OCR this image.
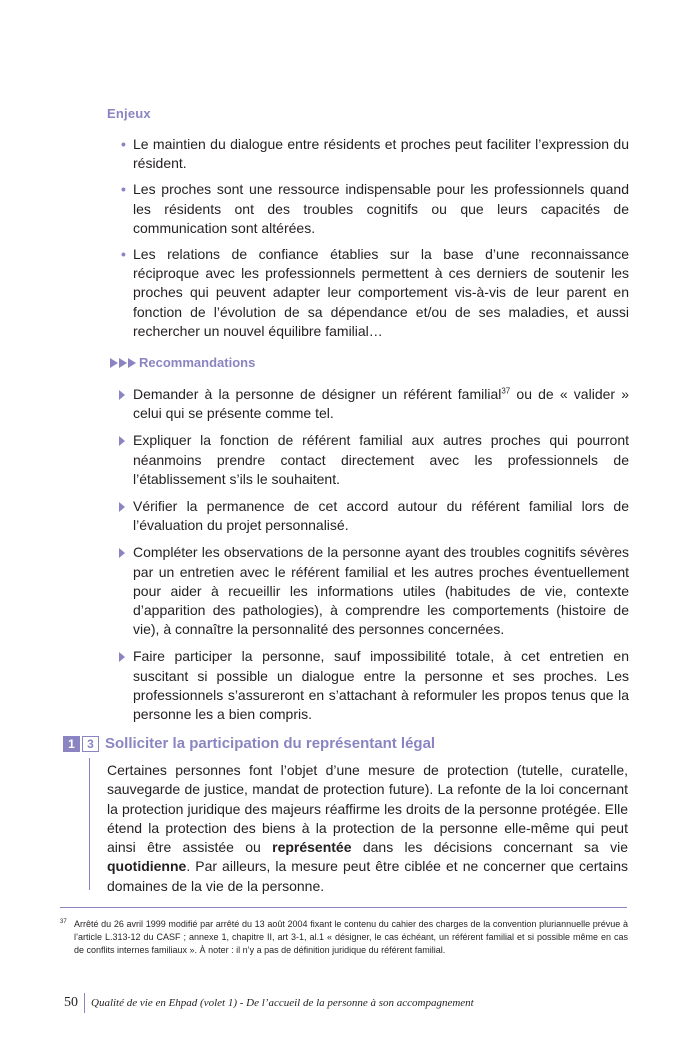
Enjeux
• Le maintien du dialogue entre résidents et proches peut faciliter l’expression du résident.
• Les proches sont une ressource indispensable pour les professionnels quand les résidents ont des troubles cognitifs ou que leurs capacités de communication sont altérées.
• Les relations de confiance établies sur la base d’une reconnaissance réciproque avec les professionnels permettent à ces derniers de soutenir les proches qui peuvent adapter leur comportement vis-à-vis de leur parent en fonction de l’évolution de sa dépendance et/ou de ses maladies, et aussi rechercher un nouvel équilibre familial…
Recommandations
Demander à la personne de désigner un référent familial$^{37}$ ou de « valider » celui qui se présente comme tel.
Expliquer la fonction de référent familial aux autres proches qui pourront néanmoins prendre contact directement avec les professionnels de l’établissement s’ils le souhaitent.
Vérifier la permanence de cet accord autour du référent familial lors de l’évaluation du projet personnalisé.
Compléter les observations de la personne ayant des troubles cognitifs sévères par un entretien avec le référent familial et les autres proches éventuellement pour aider à recueillir les informations utiles (habitudes de vie, contexte d’apparition des pathologies), à comprendre les comportements (histoire de vie), à connaître la personnalité des personnes concernées.
Faire participer la personne, sauf impossibilité totale, à cet entretien en suscitant si possible un dialogue entre la personne et ses proches. Les professionnels s’assureront en s’attachant à reformuler les propos tenus que la personne les a bien compris.
1	3 Solliciter la participation du représentant légal
Certaines personnes font l’objet d’une mesure de protection (tutelle, curatelle, sauvegarde de justice, mandat de protection future). La refonte de la loi concernant la protection juridique des majeurs réaffirme les droits de la personne protégée. Elle étend la protection des biens à la protection de la personne elle-même qui peut ainsi être assistée ou représentée dans les décisions concernant sa vie quotidienne. Par ailleurs, la mesure peut être ciblée et ne concerner que certains domaines de la vie de la personne.
37 Arrêté du 26 avril 1999 modifié par arrêté du 13 août 2004 fixant le contenu du cahier des charges de la convention pluriannuelle prévue à l’article L.313-12 du CASF ; annexe 1, chapitre II, art 3-1, al.1 « désigner, le cas échéant, un référent familial et si possible même en cas de conflits internes familiaux ». À noter : il n’y a pas de définition juridique du référent familial.
50 Qualité de vie en Ehpad (volet 1) - De l’accueil de la personne à son accompagnement
